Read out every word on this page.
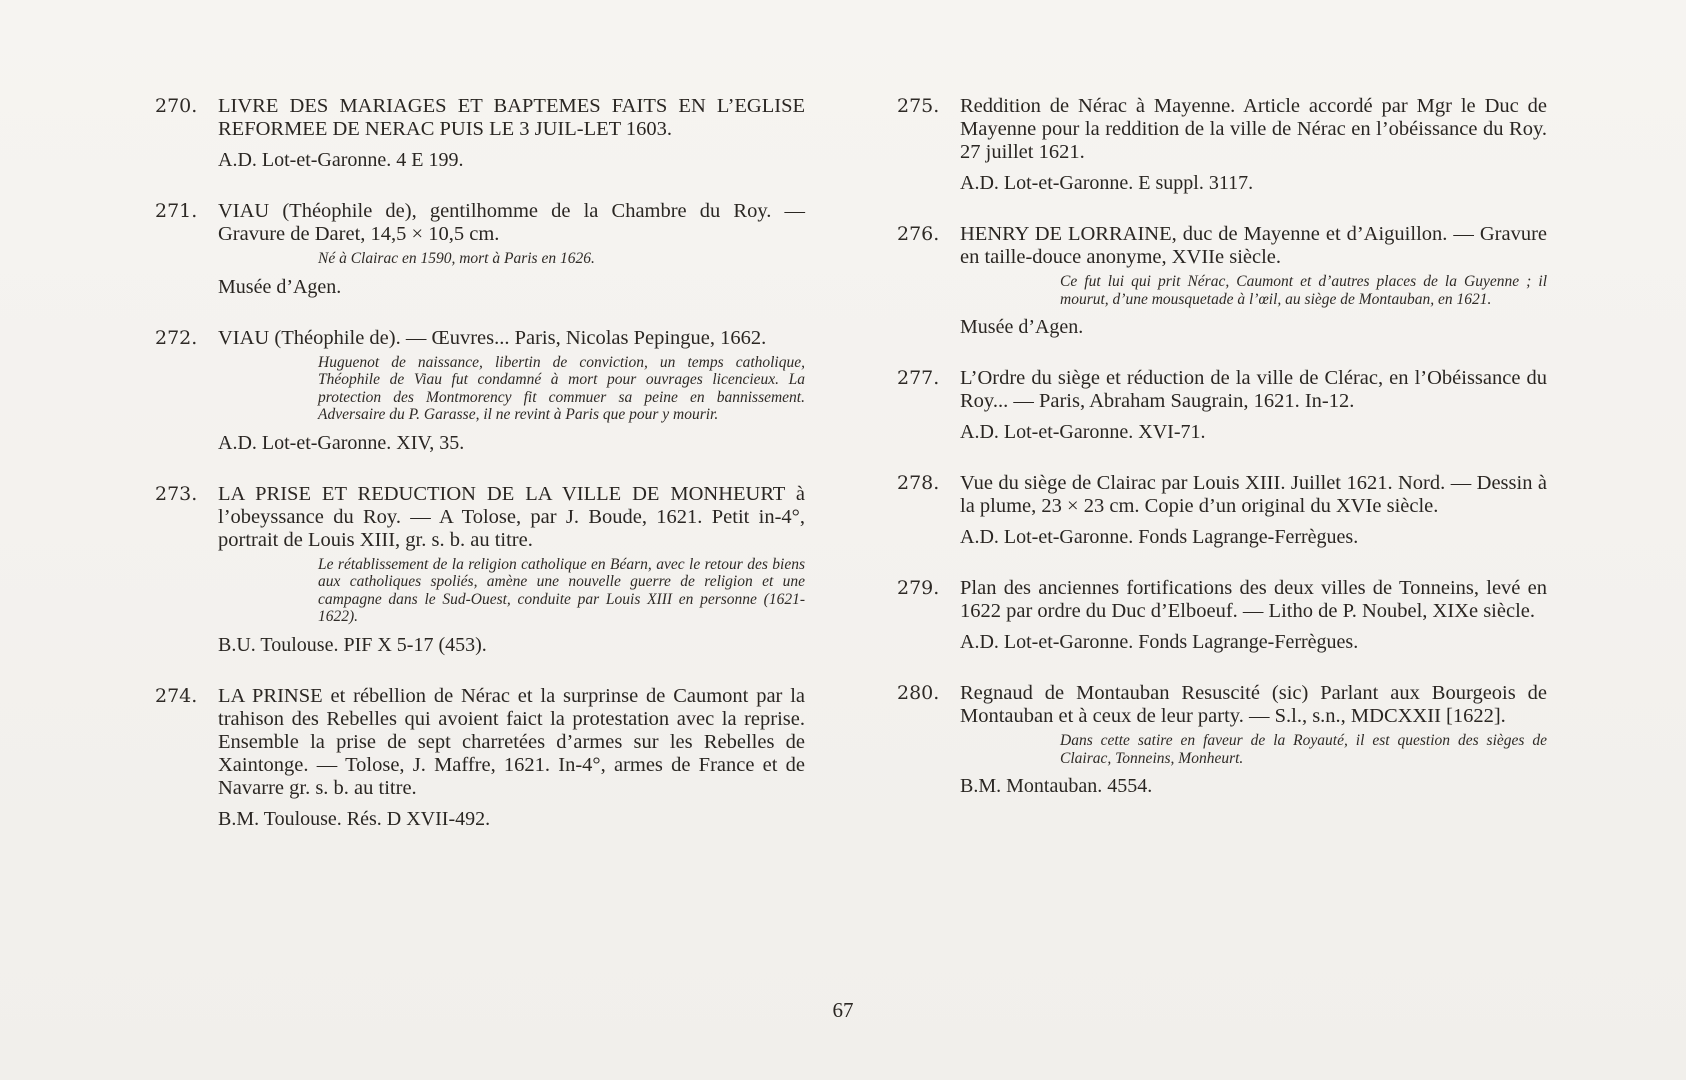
270. LIVRE DES MARIAGES ET BAPTEMES FAITS EN L’EGLISE REFORMEE DE NERAC PUIS LE 3 JUIL-LET 1603.
A.D. Lot-et-Garonne. 4 E 199.
271. VIAU (Théophile de), gentilhomme de la Chambre du Roy. — Gravure de Daret, 14,5 × 10,5 cm.
Né à Clairac en 1590, mort à Paris en 1626.
Musée d’Agen.
272. VIAU (Théophile de). — Œuvres... Paris, Nicolas Pepingue, 1662.
Huguenot de naissance, libertin de conviction, un temps catholique, Théophile de Viau fut condamné à mort pour ouvrages licencieux. La protection des Montmorency fit commuer sa peine en bannissement. Adversaire du P. Garasse, il ne revint à Paris que pour y mourir.
A.D. Lot-et-Garonne. XIV, 35.
273. LA PRISE ET REDUCTION DE LA VILLE DE MONHEURT à l’obeyssance du Roy. — A Tolose, par J. Boude, 1621. Petit in-4°, portrait de Louis XIII, gr. s. b. au titre.
Le rétablissement de la religion catholique en Béarn, avec le retour des biens aux catholiques spoliés, amène une nouvelle guerre de religion et une campagne dans le Sud-Ouest, conduite par Louis XIII en personne (1621-1622).
B.U. Toulouse. PIF X 5-17 (453).
274. LA PRINSE et rébellion de Nérac et la surprinse de Caumont par la trahison des Rebelles qui avoient faict la protestation avec la reprise. Ensemble la prise de sept charretées d’armes sur les Rebelles de Xaintonge. — Tolose, J. Maffre, 1621. In-4°, armes de France et de Navarre gr. s. b. au titre.
B.M. Toulouse. Rés. D XVII-492.
275. Reddition de Nérac à Mayenne. Article accordé par Mgr le Duc de Mayenne pour la reddition de la ville de Nérac en l’obéissance du Roy. 27 juillet 1621.
A.D. Lot-et-Garonne. E suppl. 3117.
276. HENRY DE LORRAINE, duc de Mayenne et d’Aiguillon. — Gravure en taille-douce anonyme, XVIIe siècle.
Ce fut lui qui prit Nérac, Caumont et d’autres places de la Guyenne ; il mourut, d’une mousquetade à l’œil, au siège de Montauban, en 1621.
Musée d’Agen.
277. L’Ordre du siège et réduction de la ville de Clérac, en l’Obéissance du Roy... — Paris, Abraham Saugrain, 1621. In-12.
A.D. Lot-et-Garonne. XVI-71.
278. Vue du siège de Clairac par Louis XIII. Juillet 1621. Nord. — Dessin à la plume, 23 × 23 cm. Copie d’un original du XVIe siècle.
A.D. Lot-et-Garonne. Fonds Lagrange-Ferrègues.
279. Plan des anciennes fortifications des deux villes de Tonneins, levé en 1622 par ordre du Duc d’Elboeuf. — Litho de P. Noubel, XIXe siècle.
A.D. Lot-et-Garonne. Fonds Lagrange-Ferrègues.
280. Regnaud de Montauban Resuscité (sic) Parlant aux Bourgeois de Montauban et à ceux de leur party. — S.l., s.n., MDCXXII [1622].
Dans cette satire en faveur de la Royauté, il est question des sièges de Clairac, Tonneins, Monheurt.
B.M. Montauban. 4554.
67
